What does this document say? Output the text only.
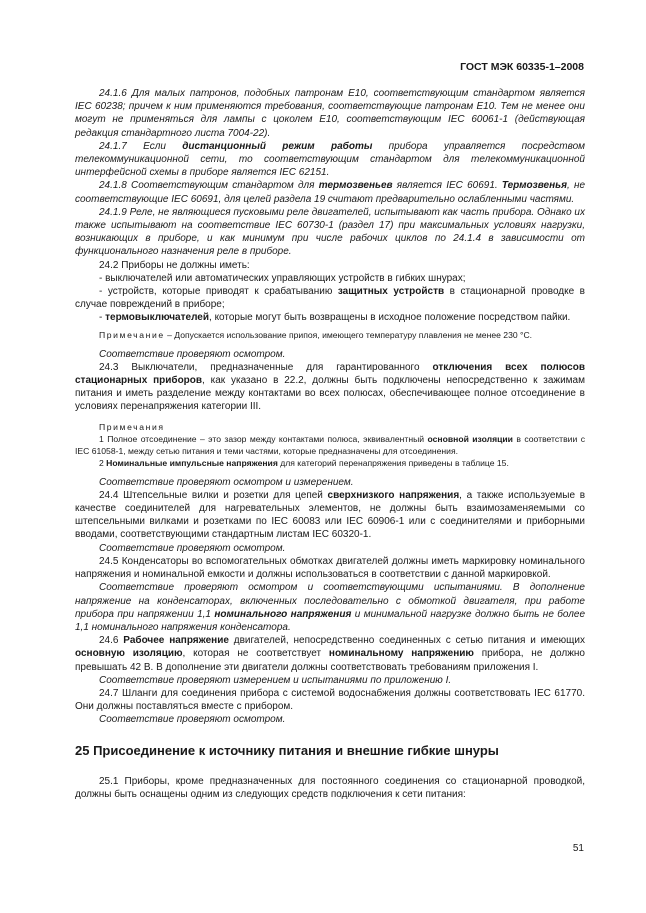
ГОСТ МЭК 60335-1–2008
24.1.6 Для малых патронов, подобных патронам Е10, соответствующим стандартом является IEC 60238; причем к ним применяются требования, соответствующие патронам Е10. Тем не менее они могут не применяться для лампы с цоколем Е10, соответствующим IEC 60061-1 (действующая редакция стандартного листа 7004-22).
24.1.7 Если дистанционный режим работы прибора управляется посредством телекоммуникационной сети, то соответствующим стандартом для телекоммуникационной интерфейсной схемы в приборе является IEC 62151.
24.1.8 Соответствующим стандартом для термозвеньев является IEC 60691. Термозвенья, не соответствующие IEC 60691, для целей раздела 19 считают предварительно ослабленными частями.
24.1.9 Реле, не являющиеся пусковыми реле двигателей, испытывают как часть прибора. Однако их также испытывают на соответствие IEC 60730-1 (раздел 17) при максимальных условиях нагрузки, возникающих в приборе, и как минимум при числе рабочих циклов по 24.1.4 в зависимости от функционального назначения реле в приборе.
24.2 Приборы не должны иметь:
- выключателей или автоматических управляющих устройств в гибких шнурах;
- устройств, которые приводят к срабатыванию защитных устройств в стационарной проводке в случае повреждений в приборе;
- термовыключателей, которые могут быть возвращены в исходное положение посредством пайки.
Примечание – Допускается использование припоя, имеющего температуру плавления не менее 230 °С.
Соответствие проверяют осмотром.
24.3 Выключатели, предназначенные для гарантированного отключения всех полюсов стационарных приборов, как указано в 22.2, должны быть подключены непосредственно к зажимам питания и иметь разделение между контактами во всех полюсах, обеспечивающее полное отсоединение в условиях перенапряжения категории III.
Примечания
1 Полное отсоединение – это зазор между контактами полюса, эквивалентный основной изоляции в соответствии с IEC 61058-1, между сетью питания и теми частями, которые предназначены для отсоединения.
2 Номинальные импульсные напряжения для категорий перенапряжения приведены в таблице 15.
Соответствие проверяют осмотром и измерением.
24.4 Штепсельные вилки и розетки для цепей сверхнизкого напряжения, а также используемые в качестве соединителей для нагревательных элементов, не должны быть взаимозаменяемыми со штепсельными вилками и розетками по IEC 60083 или IEC 60906-1 или с соединителями и приборными вводами, соответствующими стандартным листам IEC 60320-1.
Соответствие проверяют осмотром.
24.5 Конденсаторы во вспомогательных обмотках двигателей должны иметь маркировку номинального напряжения и номинальной емкости и должны использоваться в соответствии с данной маркировкой.
Соответствие проверяют осмотром и соответствующими испытаниями. В дополнение напряжение на конденсаторах, включенных последовательно с обмоткой двигателя, при работе прибора при напряжении 1,1 номинального напряжения и минимальной нагрузке должно быть не более 1,1 номинального напряжения конденсатора.
24.6 Рабочее напряжение двигателей, непосредственно соединенных с сетью питания и имеющих основную изоляцию, которая не соответствует номинальному напряжению прибора, не должно превышать 42 В. В дополнение эти двигатели должны соответствовать требованиям приложения I.
Соответствие проверяют измерением и испытаниями по приложению I.
24.7 Шланги для соединения прибора с системой водоснабжения должны соответствовать IEC 61770. Они должны поставляться вместе с прибором.
Соответствие проверяют осмотром.
25 Присоединение к источнику питания и внешние гибкие шнуры
25.1 Приборы, кроме предназначенных для постоянного соединения со стационарной проводкой, должны быть оснащены одним из следующих средств подключения к сети питания:
51
